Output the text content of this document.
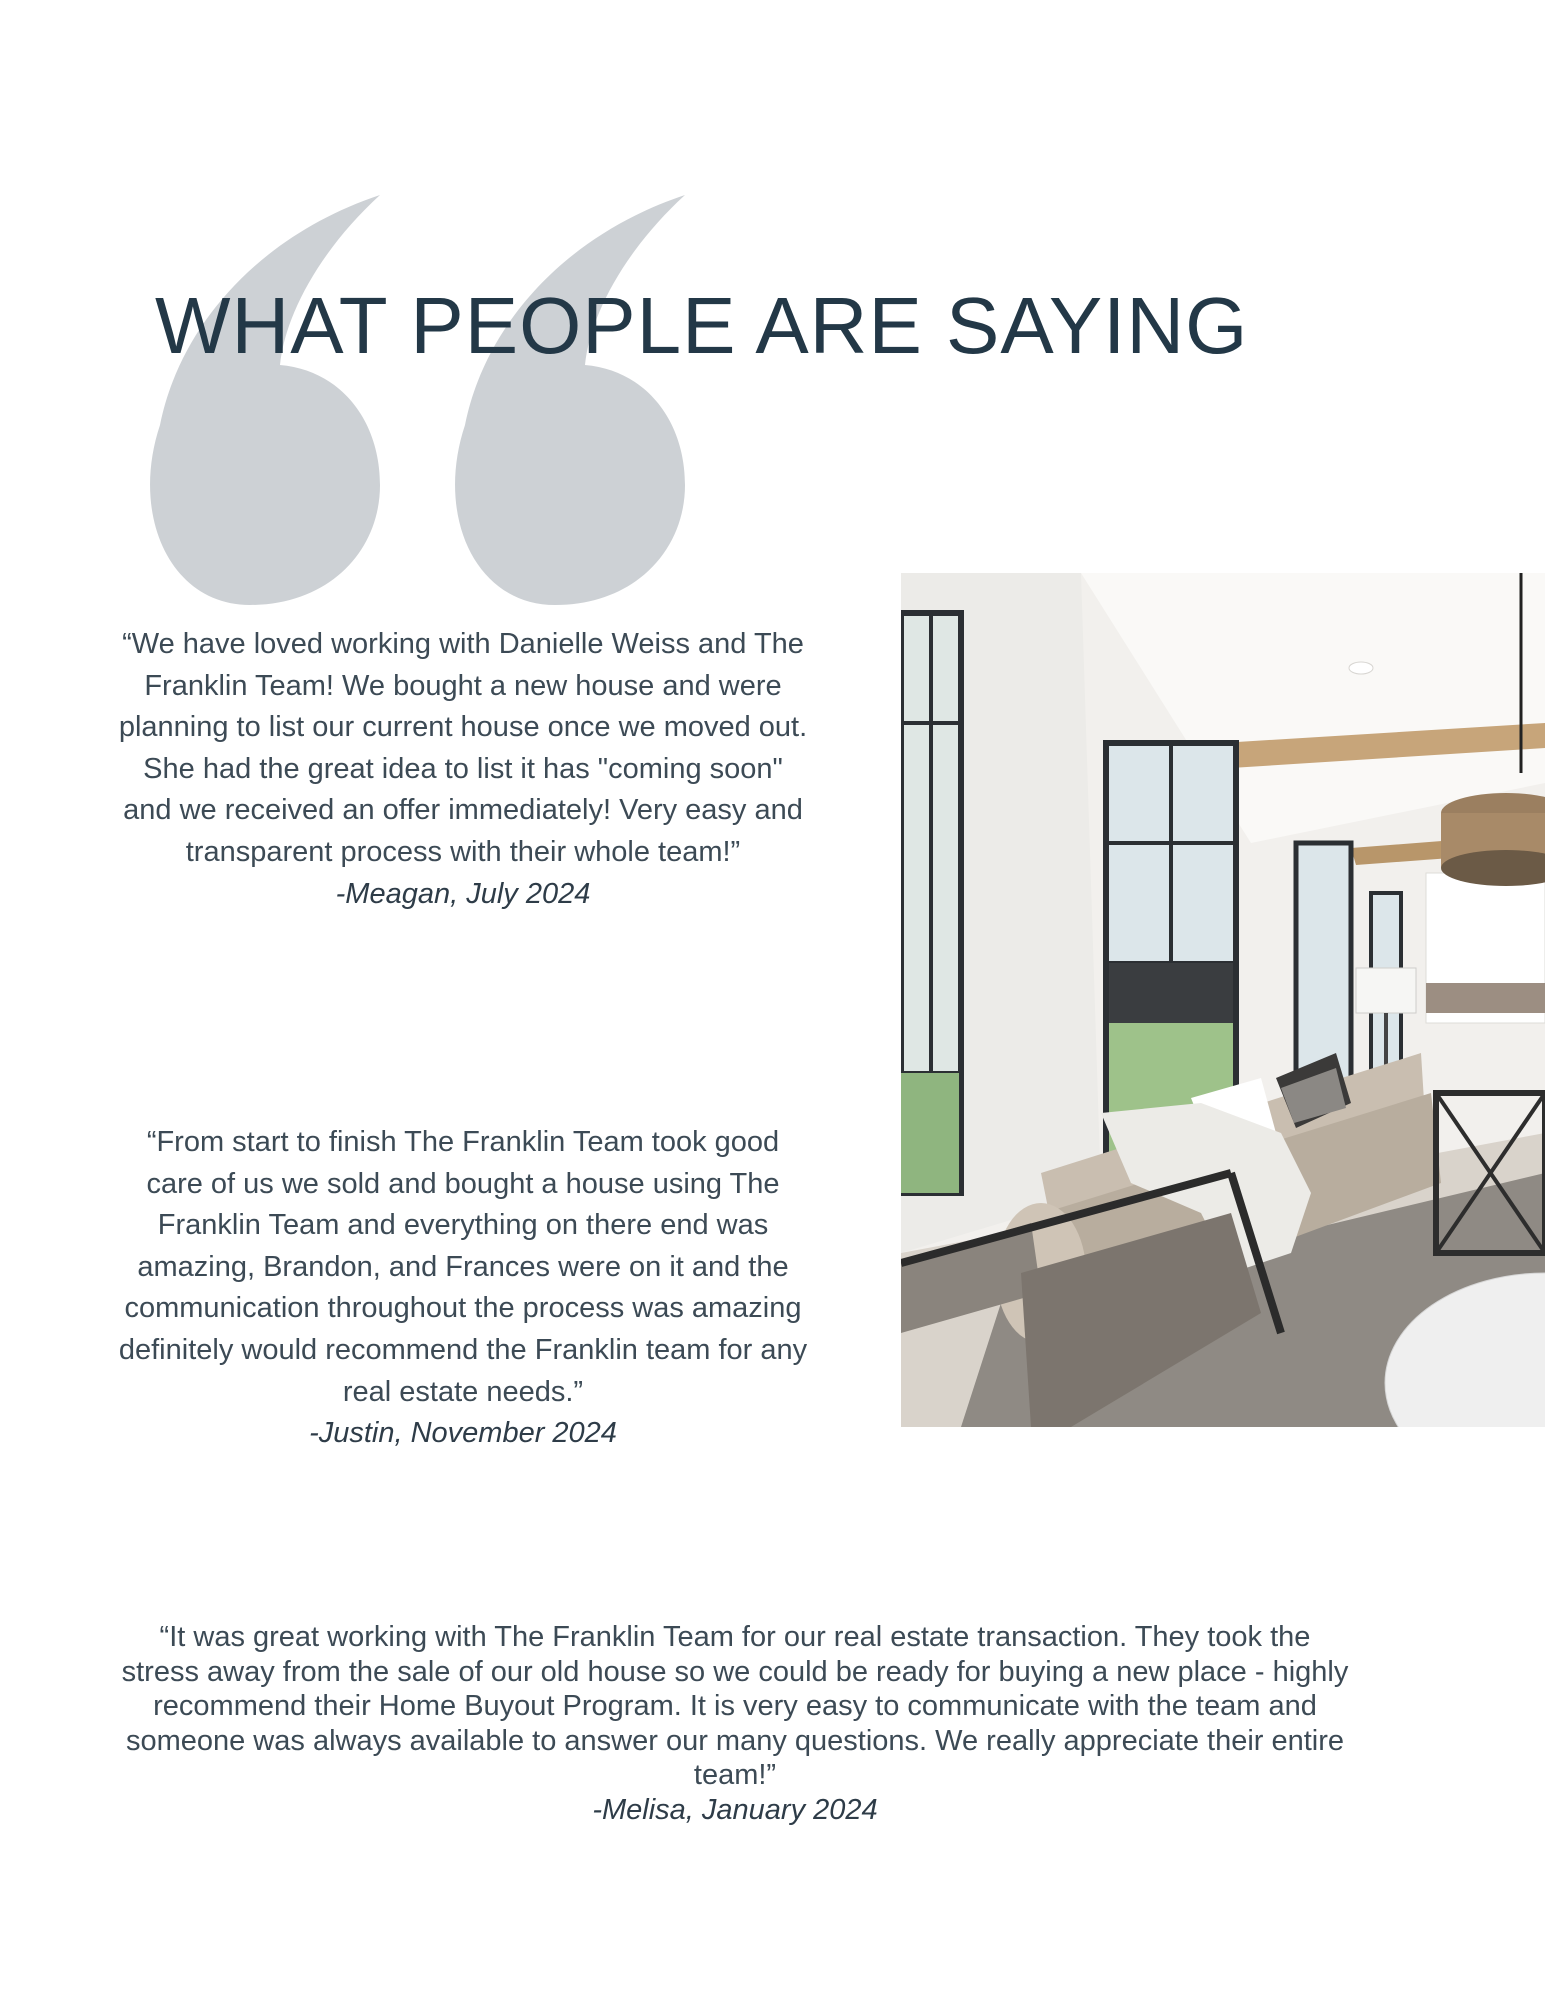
WHAT PEOPLE ARE SAYING
“We have loved working with Danielle Weiss and The Franklin Team! We bought a new house and were planning to list our current house once we moved out. She had the great idea to list it has "coming soon" and we received an offer immediately! Very easy and transparent process with their whole team!”
-Meagan, July 2024
“From start to finish The Franklin Team took good care of us we sold and bought a house using The Franklin Team and everything on there end was amazing, Brandon, and Frances were on it and the communication throughout the process was amazing definitely would recommend the Franklin team for any real estate needs.”
-Justin, November 2024
“It was great working with The Franklin Team for our real estate transaction. They took the stress away from the sale of our old house so we could be ready for buying a new place - highly recommend their Home Buyout Program. It is very easy to communicate with the team and someone was always available to answer our many questions. We really appreciate their entire team!”
-Melisa, January 2024
